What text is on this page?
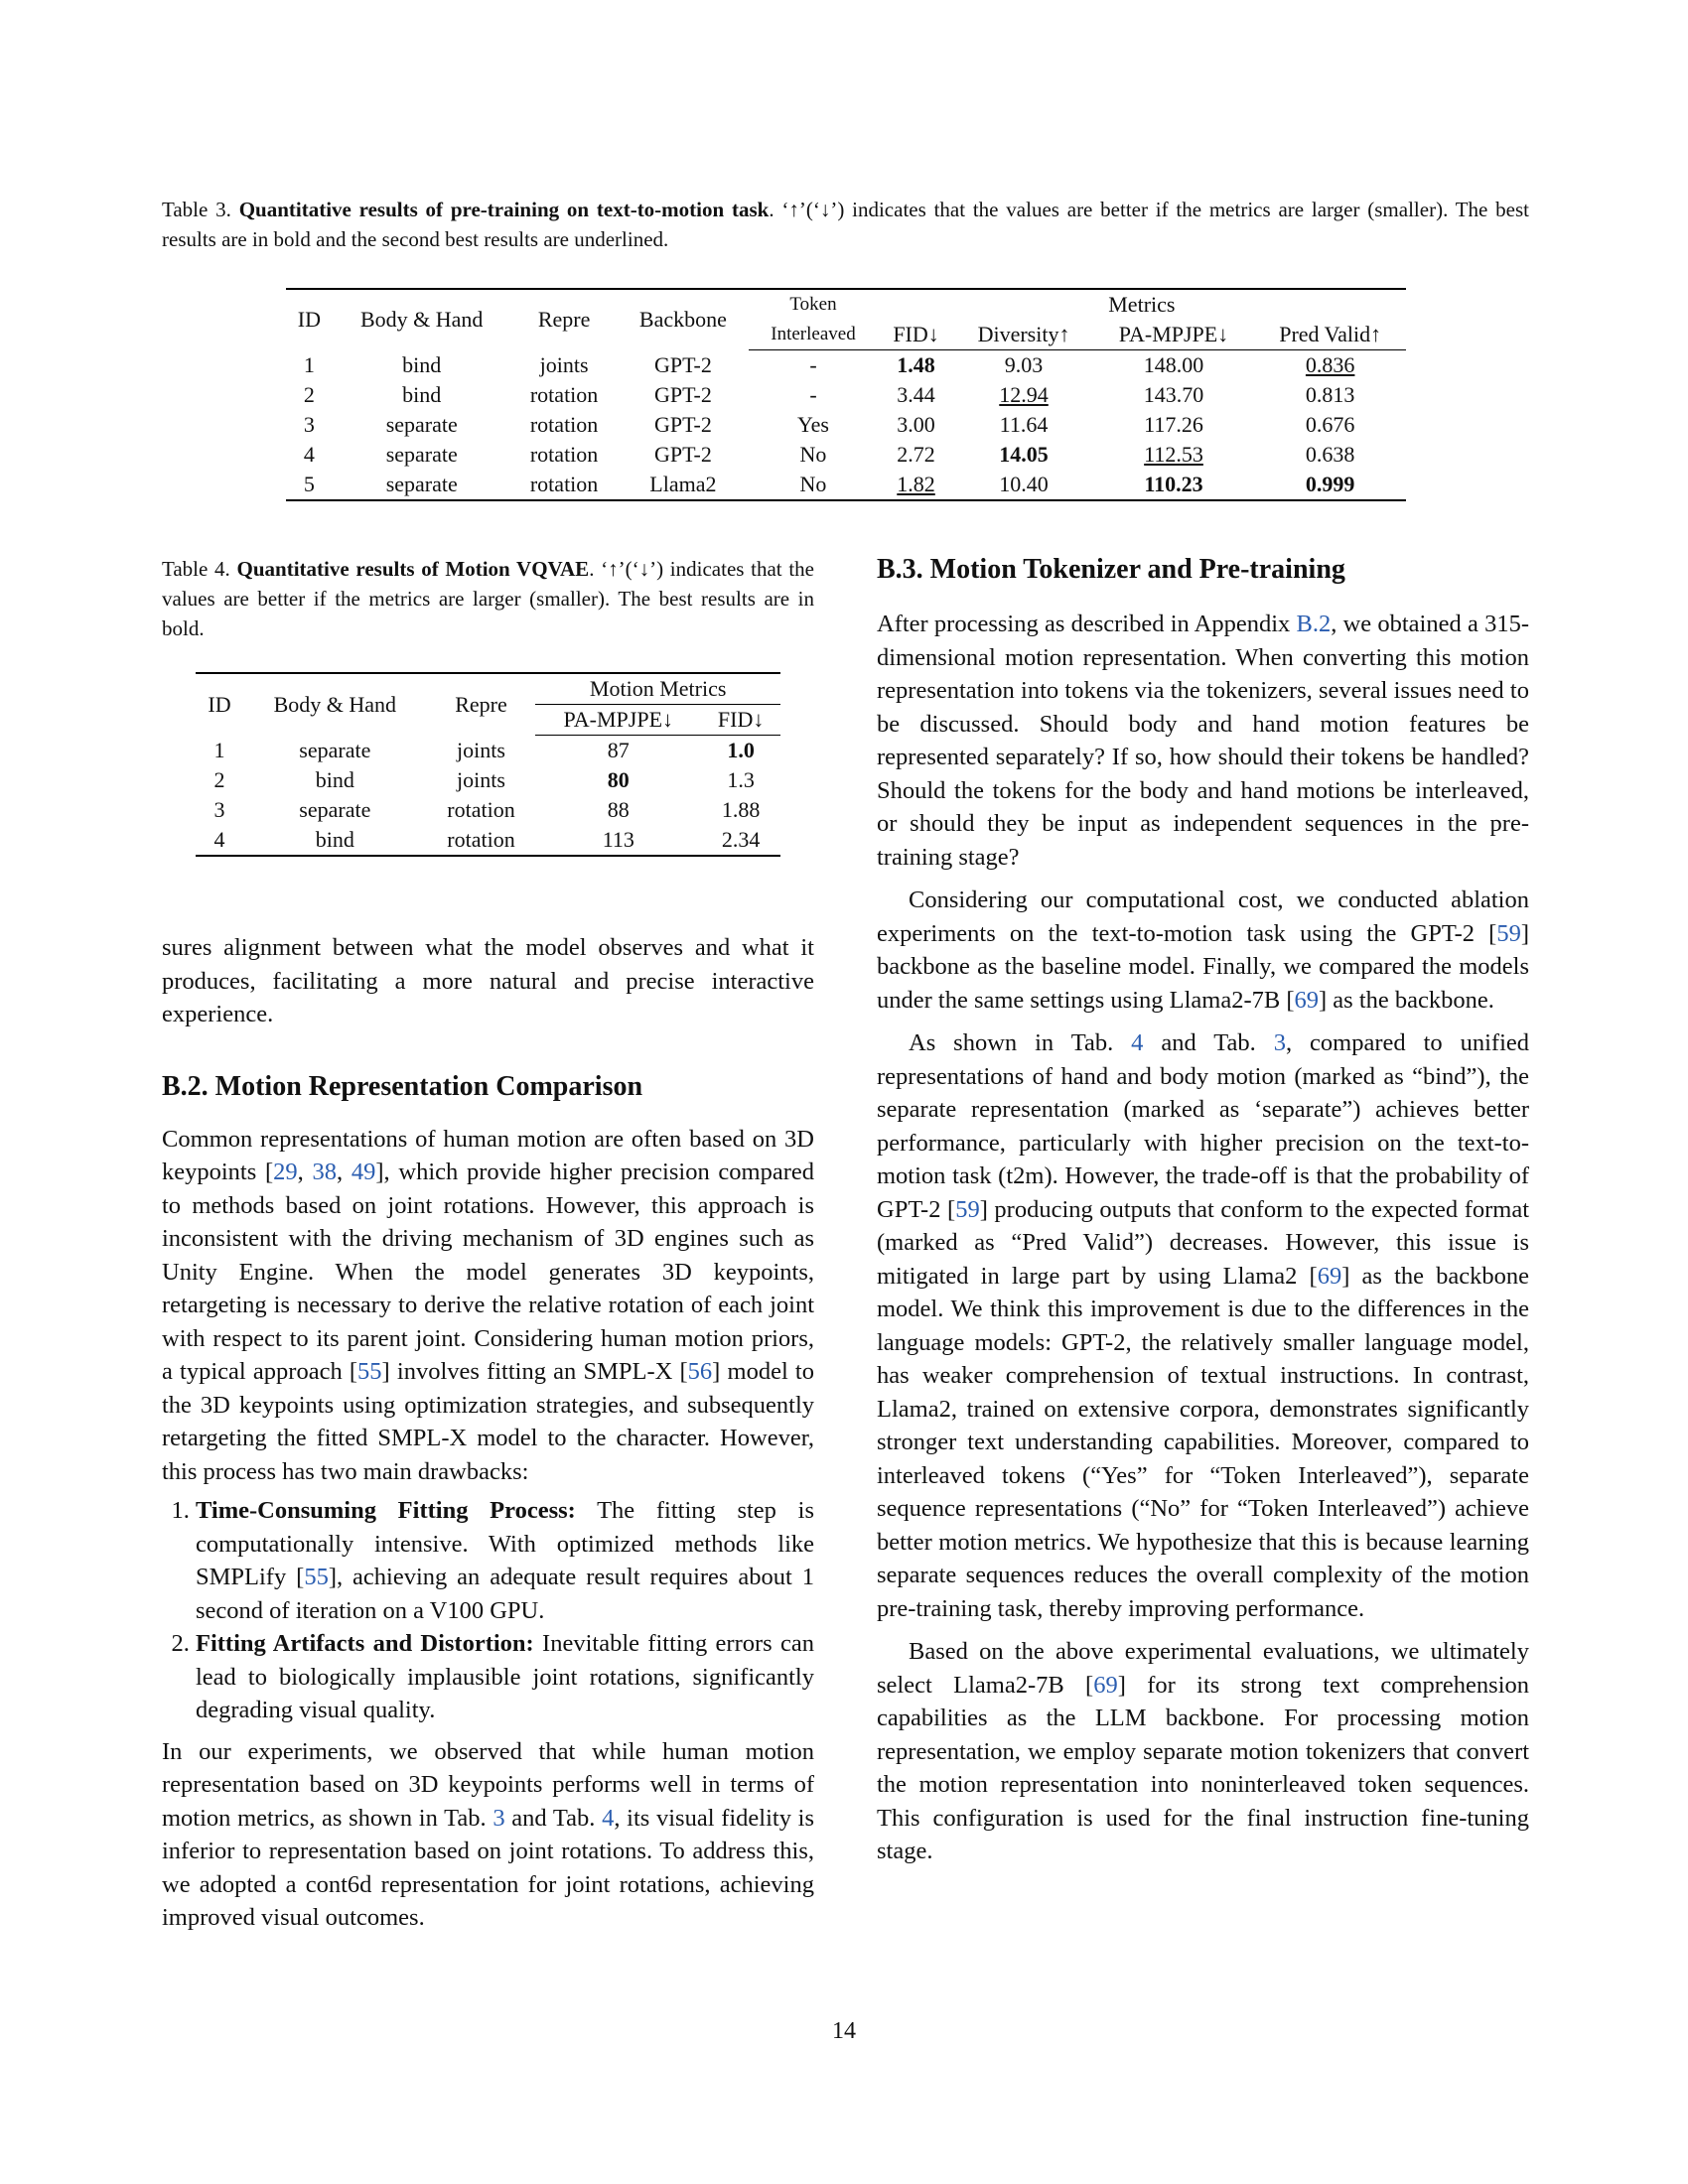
Table 3. Quantitative results of pre-training on text-to-motion task. ‘↑’(‘↓’) indicates that the values are better if the metrics are larger (smaller). The best results are in bold and the second best results are underlined.
ID	Body & Hand	Repre	Backbone	Token	Metrics			
				Interleaved	FID↓	Diversity↑	PA-MPJPE↓	Pred Valid↑
1	bind	joints	GPT-2	-	1.48	9.03	148.00	0.836
2	bind	rotation	GPT-2	-	3.44	12.94	143.70	0.813
3	separate	rotation	GPT-2	Yes	3.00	11.64	117.26	0.676
4	separate	rotation	GPT-2	No	2.72	14.05	112.53	0.638
5	separate	rotation	Llama2	No	1.82	10.40	110.23	0.999
Table 4. Quantitative results of Motion VQVAE. ‘↑’(‘↓’) indicates that the values are better if the metrics are larger (smaller). The best results are in bold.
ID	Body & Hand	Repre	Motion Metrics	
			PA-MPJPE↓	FID↓
1	separate	joints	87	1.0
2	bind	joints	80	1.3
3	separate	rotation	88	1.88
4	bind	rotation	113	2.34

sures alignment between what the model observes and what it produces, facilitating a more natural and precise interactive experience.

B.2. Motion Representation Comparison

Common representations of human motion are often based on 3D keypoints [29, 38, 49], which provide higher precision compared to methods based on joint rotations. However, this approach is inconsistent with the driving mechanism of 3D engines such as Unity Engine. When the model generates 3D keypoints, retargeting is necessary to derive the relative rotation of each joint with respect to its parent joint. Considering human motion priors, a typical approach [55] involves fitting an SMPL-X [56] model to the 3D keypoints using optimization strategies, and subsequently retargeting the fitted SMPL-X model to the character. However, this process has two main drawbacks:

1. Time-Consuming Fitting Process: The fitting step is computationally intensive. With optimized methods like SMPLify [55], achieving an adequate result requires about 1 second of iteration on a V100 GPU.
2. Fitting Artifacts and Distortion: Inevitable fitting errors can lead to biologically implausible joint rotations, significantly degrading visual quality.

In our experiments, we observed that while human motion representation based on 3D keypoints performs well in terms of motion metrics, as shown in Tab. 3 and Tab. 4, its visual fidelity is inferior to representation based on joint rotations. To address this, we adopted a cont6d representation for joint rotations, achieving improved visual outcomes.

B.3. Motion Tokenizer and Pre-training

After processing as described in Appendix B.2, we obtained a 315-dimensional motion representation. When converting this motion representation into tokens via the tokenizers, several issues need to be discussed. Should body and hand motion features be represented separately? If so, how should their tokens be handled? Should the tokens for the body and hand motions be interleaved, or should they be input as independent sequences in the pre-training stage?

Considering our computational cost, we conducted ablation experiments on the text-to-motion task using the GPT-2 [59] backbone as the baseline model. Finally, we compared the models under the same settings using Llama2-7B [69] as the backbone.

As shown in Tab. 4 and Tab. 3, compared to unified representations of hand and body motion (marked as “bind”), the separate representation (marked as ‘separate”) achieves better performance, particularly with higher precision on the text-to-motion task (t2m). However, the trade-off is that the probability of GPT-2 [59] producing outputs that conform to the expected format (marked as “Pred Valid”) decreases. However, this issue is mitigated in large part by using Llama2 [69] as the backbone model. We think this improvement is due to the differences in the language models: GPT-2, the relatively smaller language model, has weaker comprehension of textual instructions. In contrast, Llama2, trained on extensive corpora, demonstrates significantly stronger text understanding capabilities. Moreover, compared to interleaved tokens (“Yes” for “Token Interleaved”), separate sequence representations (“No” for “Token Interleaved”) achieve better motion metrics. We hypothesize that this is because learning separate sequences reduces the overall complexity of the motion pre-training task, thereby improving performance.

Based on the above experimental evaluations, we ultimately select Llama2-7B [69] for its strong text comprehension capabilities as the LLM backbone. For processing motion representation, we employ separate motion tokenizers that convert the motion representation into noninterleaved token sequences. This configuration is used for the final instruction fine-tuning stage.

14
